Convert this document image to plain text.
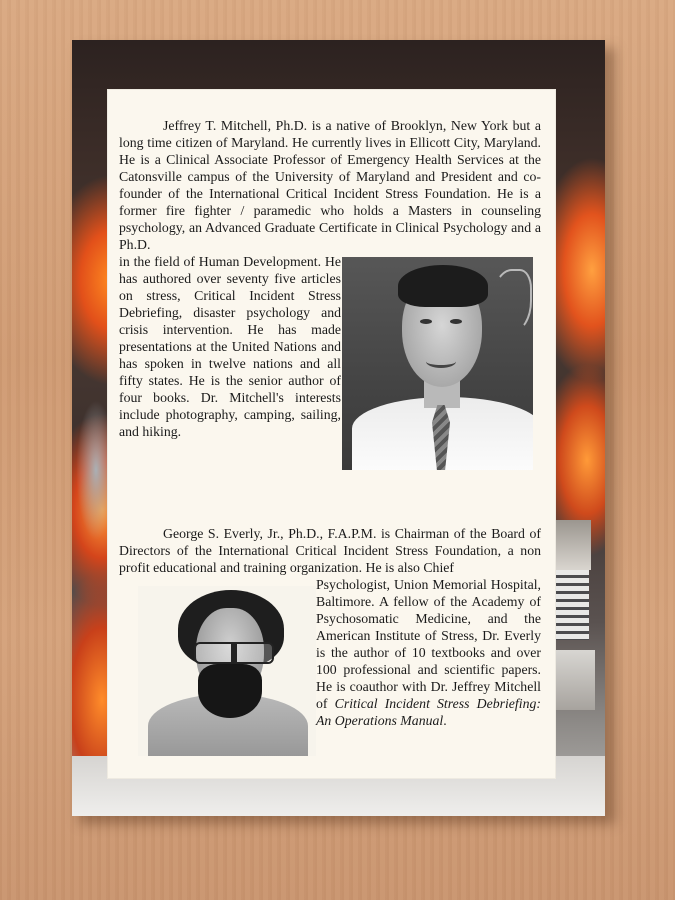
Jeffrey T. Mitchell, Ph.D. is a native of Brooklyn, New York but a long time citizen of Maryland. He currently lives in Ellicott City, Maryland. He is a Clinical Associate Professor of Emergency Health Services at the Catonsville campus of the University of Maryland and President and co-founder of the International Critical Incident Stress Foundation. He is a former fire fighter / paramedic who holds a Masters in counseling psychology, an Advanced Graduate Certificate in Clinical Psychology and a Ph.D.

in the field of Human Development. He has authored over seventy five articles on stress, Critical Incident Stress Debriefing, disaster psychology and crisis intervention. He has made presentations at the United Nations and has spoken in twelve nations and all fifty states. He is the senior author of four books. Dr. Mitchell's interests include photography, camping, sailing, and hiking.

George S. Everly, Jr., Ph.D., F.A.P.M. is Chairman of the Board of Directors of the International Critical Incident Stress Foundation, a non profit educational and training organization. He is also Chief

Psychologist, Union Memorial Hospital, Baltimore. A fellow of the Academy of Psychosomatic Medicine, and the American Institute of Stress, Dr. Everly is the author of 10 textbooks and over 100 professional and scientific papers. He is coauthor with Dr. Jeffrey Mitchell of Critical Incident Stress Debriefing: An Operations Manual.
